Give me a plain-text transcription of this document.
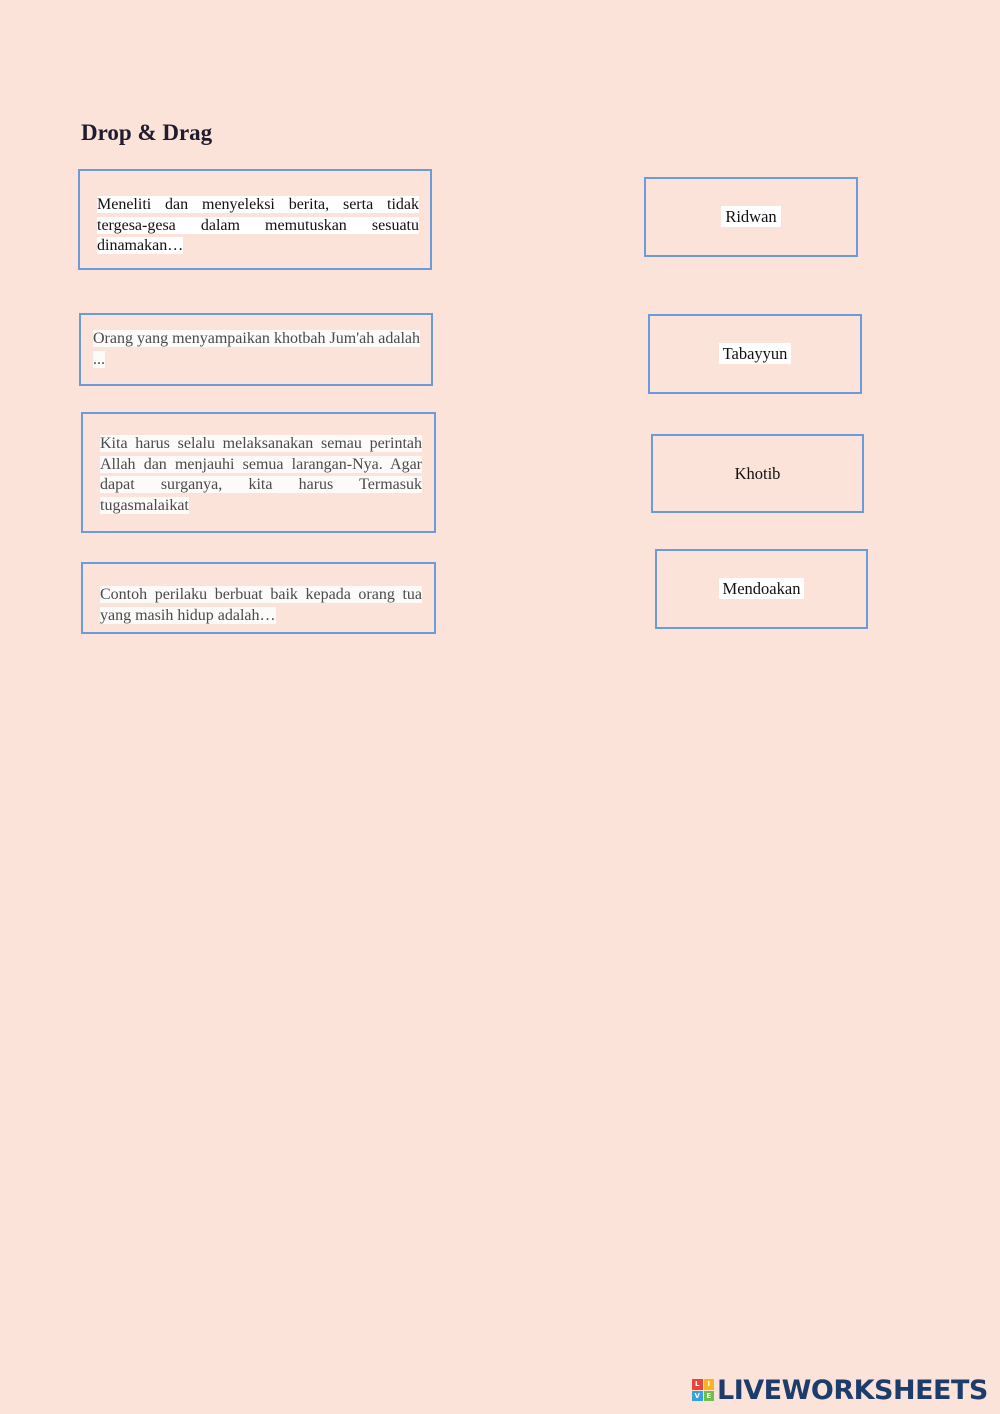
Drop & Drag
Meneliti dan menyeleksi berita, serta tidak tergesa-gesa dalam memutuskan sesuatu dinamakan…
Orang yang menyampaikan khotbah Jum'ah adalah ...
Kita harus selalu melaksanakan semau perintah Allah dan menjauhi semua larangan-Nya. Agar dapat surganya, kita harus Termasuk tugasmalaikat
Contoh perilaku berbuat baik kepada orang tua yang masih hidup adalah…
Ridwan
Tabayyun
Khotib
Mendoakan
L	I
V E LIVEWORKSHEETS
